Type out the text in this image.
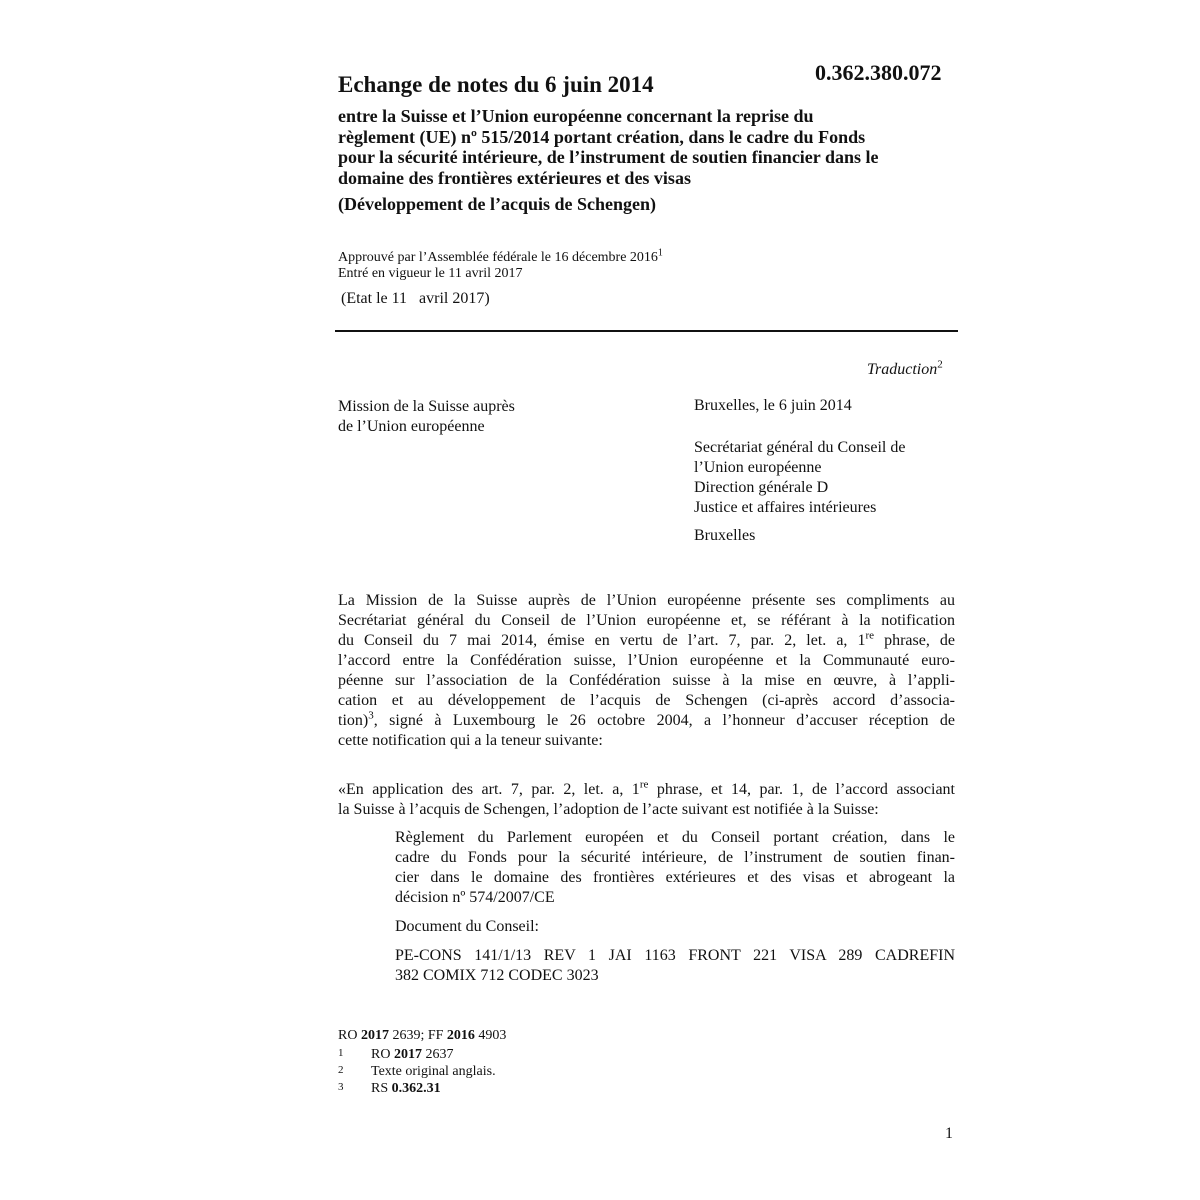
0.362.380.072
Echange de notes du 6 juin 2014
entre la Suisse et l’Union européenne concernant la reprise du
règlement (UE) nº 515/2014 portant création, dans le cadre du Fonds
pour la sécurité intérieure, de l’instrument de soutien financier dans le
domaine des frontières extérieures et des visas
(Développement de l’acquis de Schengen)
Approuvé par l’Assemblée fédérale le 16 décembre 2016$^1$
Entré en vigueur le 11 avril 2017
(Etat le 11   avril 2017)
Traduction$^2$
Mission de la Suisse auprès
de l’Union européenne
Bruxelles, le 6 juin 2014
Secrétariat général du Conseil de
l’Union européenne
Direction générale D
Justice et affaires intérieures
Bruxelles
La Mission de la Suisse auprès de l’Union européenne présente ses compliments au
Secrétariat général du Conseil de l’Union européenne et, se référant à la notification
du Conseil du 7 mai 2014, émise en vertu de l’art. 7, par. 2, let. a, 1re phrase, de
l’accord entre la Confédération suisse, l’Union européenne et la Communauté euro-
péenne sur l’association de la Confédération suisse à la mise en œuvre, à l’appli-
cation et au développement de l’acquis de Schengen (ci-après accord d’associa-
tion)$^3$, signé à Luxembourg le 26 octobre 2004, a l’honneur d’accuser réception de
cette notification qui a la teneur suivante:
«En application des art. 7, par. 2, let. a, 1re phrase, et 14, par. 1, de l’accord associant
la Suisse à l’acquis de Schengen, l’adoption de l’acte suivant est notifiée à la Suisse:
Règlement du Parlement européen et du Conseil portant création, dans le
cadre du Fonds pour la sécurité intérieure, de l’instrument de soutien finan-
cier dans le domaine des frontières extérieures et des visas et abrogeant la
décision nº 574/2007/CE
Document du Conseil:
PE-CONS 141/1/13 REV 1 JAI 1163 FRONT 221 VISA 289 CADREFIN
382 COMIX 712 CODEC 3023
RO 2017 2639; FF 2016 4903
1	RO 2017 2637
2	Texte original anglais.
3	RS 0.362.31
1
